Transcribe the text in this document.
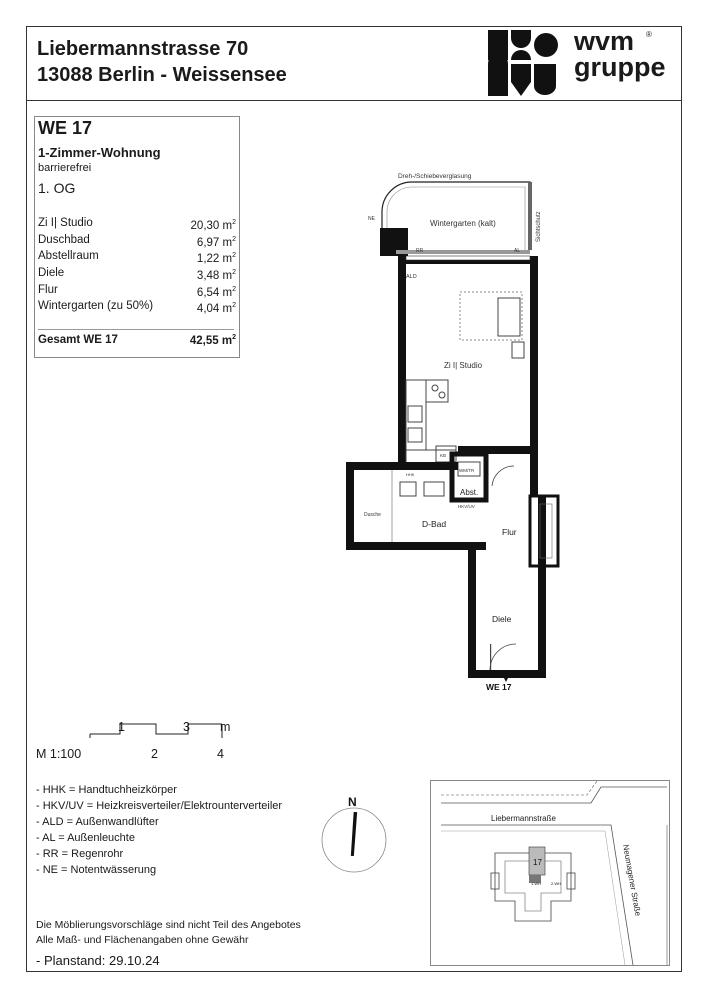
Liebermannstrasse 70
13088 Berlin - Weissensee
wvm ®
gruppe
WE 17
1-Zimmer-Wohnung
barrierefrei
1. OG
Zi I| Studio	20,30 $m^2$
Duschbad	6,97 $m^2$
Abstellraum	1,22 $m^2$
Diele	3,48 $m^2$
Flur	6,54 $m^2$
Wintergarten (zu 50%)	4,04 $m^2$
Gesamt WE 17	42,55 $m^2$
Dreh-/Schiebeverglasung
Wintergarten (kalt)	Sichtschutz
NE
RR	AL
ALD
Zi I| Studio
KB
WM/TR
Abst.
HKV/UV
Dusche
D-Bad
HHK
Flur
Diele
WE 17
1	3 m
M 1:100	2	4
- HHK = Handtuchheizkörper
- HKV/UV = Heizkreisverteiler/Elektrounterverteiler
- ALD = Außenwandlüfter
- AL = Außenleuchte
- RR = Regenrohr
- NE = Notentwässerung
N
Liebermannstraße
Neumagener Straße
17
1.WH	2.WH
Die Möblierungsvorschläge sind nicht Teil des Angebotes
Alle Maß- und Flächenangaben ohne Gewähr
- Planstand: 29.10.24
